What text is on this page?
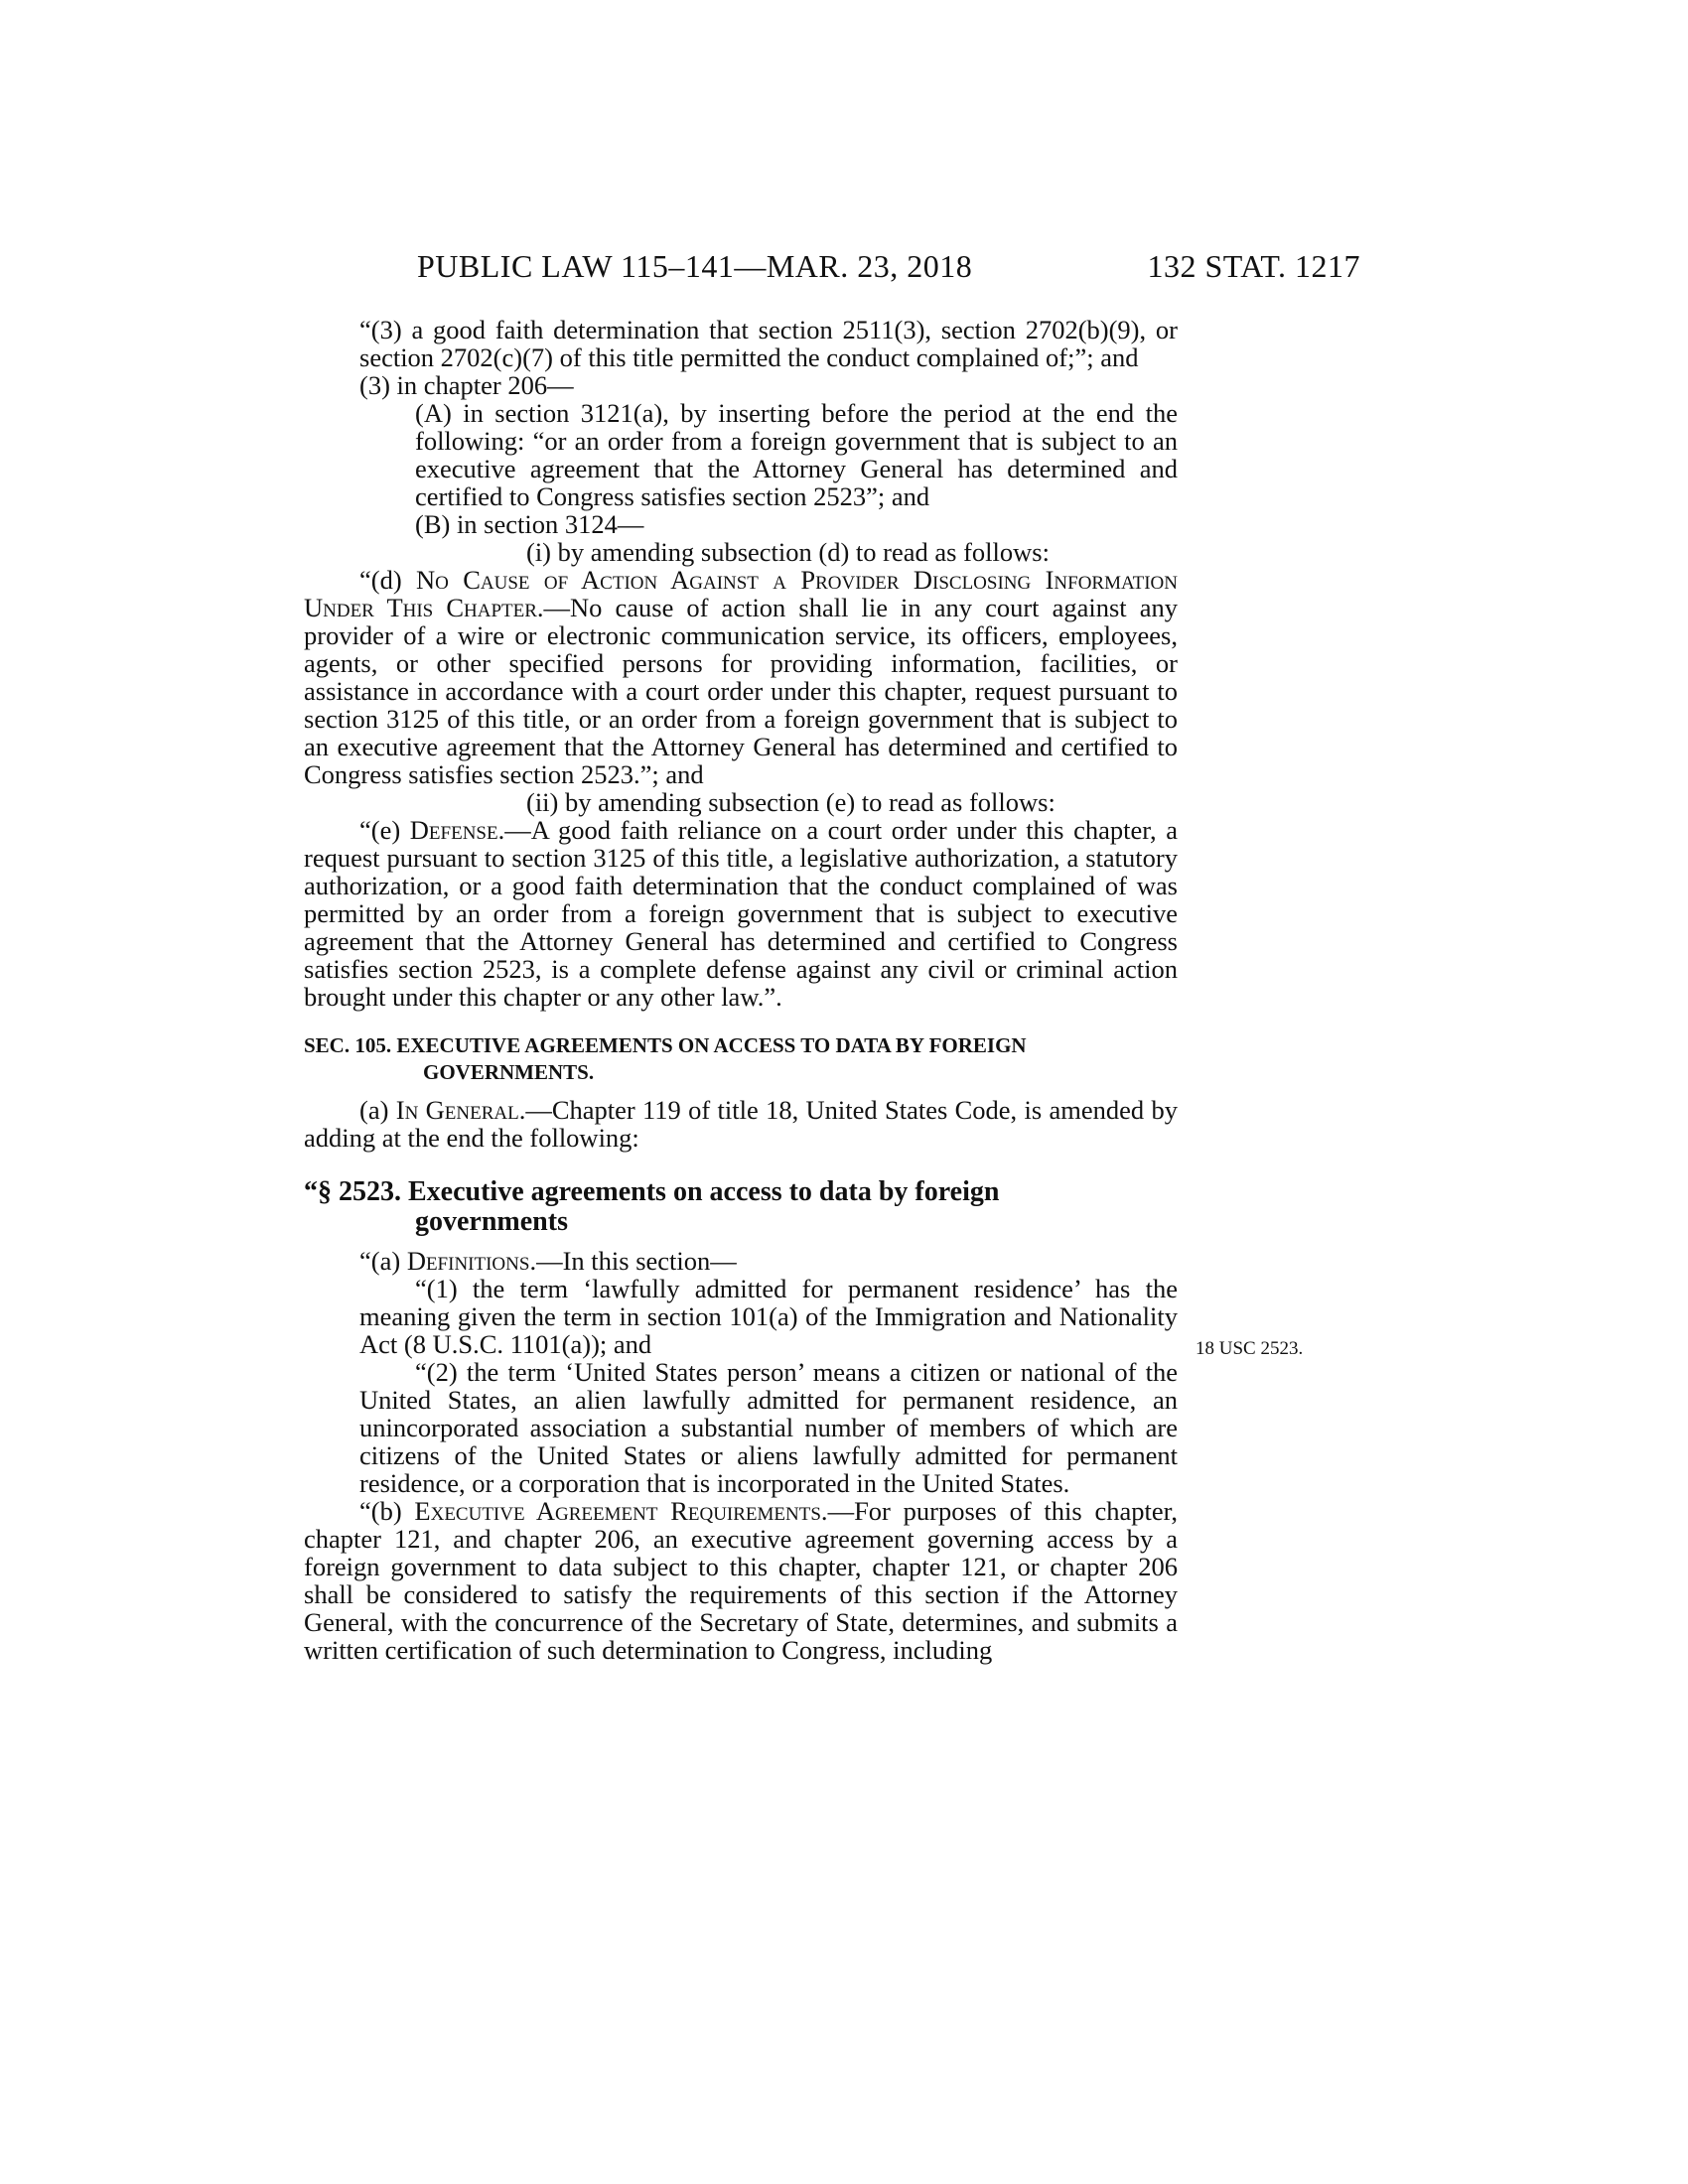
PUBLIC LAW 115–141—MAR. 23, 2018	132 STAT. 1217

“(3) a good faith determination that section 2511(3), section 2702(b)(9), or section 2702(c)(7) of this title permitted the conduct complained of;”; and

(3) in chapter 206—

(A) in section 3121(a), by inserting before the period at the end the following: “or an order from a foreign government that is subject to an executive agreement that the Attorney General has determined and certified to Congress satisfies section 2523”; and

(B) in section 3124—

(i) by amending subsection (d) to read as follows:

“(d) No Cause of Action Against a Provider Disclosing Information Under This Chapter.—No cause of action shall lie in any court against any provider of a wire or electronic communication service, its officers, employees, agents, or other specified persons for providing information, facilities, or assistance in accordance with a court order under this chapter, request pursuant to section 3125 of this title, or an order from a foreign government that is subject to an executive agreement that the Attorney General has determined and certified to Congress satisfies section 2523.”; and

(ii) by amending subsection (e) to read as follows:

“(e) Defense.—A good faith reliance on a court order under this chapter, a request pursuant to section 3125 of this title, a legislative authorization, a statutory authorization, or a good faith determination that the conduct complained of was permitted by an order from a foreign government that is subject to executive agreement that the Attorney General has determined and certified to Congress satisfies section 2523, is a complete defense against any civil or criminal action brought under this chapter or any other law.”.

SEC. 105. EXECUTIVE AGREEMENTS ON ACCESS TO DATA BY FOREIGN
GOVERNMENTS.

(a) In General.—Chapter 119 of title 18, United States Code, is amended by adding at the end the following:

“§ 2523. Executive agreements on access to data by foreign
governments

“(a) Definitions.—In this section—

“(1) the term ‘lawfully admitted for permanent residence’ has the meaning given the term in section 101(a) of the Immigration and Nationality Act (8 U.S.C. 1101(a)); and

“(2) the term ‘United States person’ means a citizen or national of the United States, an alien lawfully admitted for permanent residence, an unincorporated association a substantial number of members of which are citizens of the United States or aliens lawfully admitted for permanent residence, or a corporation that is incorporated in the United States.

“(b) Executive Agreement Requirements.—For purposes of this chapter, chapter 121, and chapter 206, an executive agreement governing access by a foreign government to data subject to this chapter, chapter 121, or chapter 206 shall be considered to satisfy the requirements of this section if the Attorney General, with the concurrence of the Secretary of State, determines, and submits a written certification of such determination to Congress, including

18 USC 2523.
